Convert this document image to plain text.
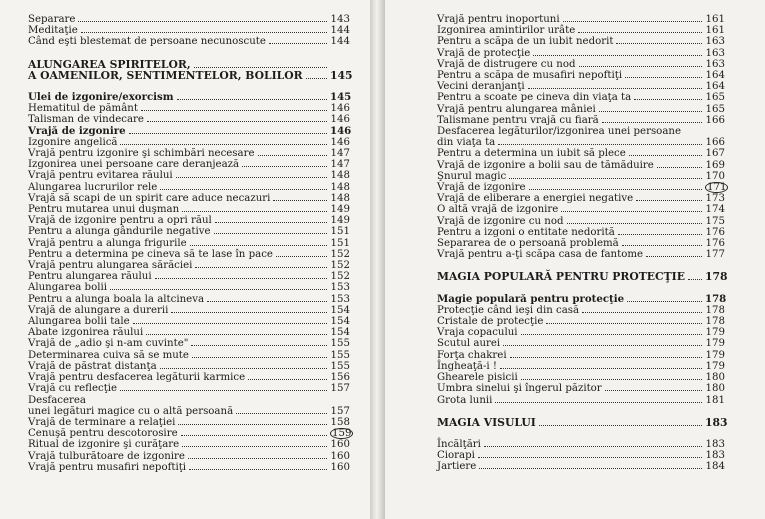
Separare	143
Meditaţie	144
Când eşti blestemat de persoane necunoscute	144
ALUNGAREA SPIRITELOR,
A OAMENILOR, SENTIMENTELOR, BOLILOR	145
Ulei de izgonire/exorcism	145
Hematitul de pământ	146
Talisman de vindecare	146
Vrajă de izgonire	146
Izgonire angelică	146
Vrajă pentru izgonire şi schimbări necesare	147
Izgonirea unei persoane care deranjează	147
Vrajă pentru evitarea răului	148
Alungarea lucrurilor rele	148
Vrajă să scapi de un spirit care aduce necazuri	148
Pentru mutarea unui duşman	149
Vrajă de izgonire pentru a opri răul	149
Pentru a alunga gândurile negative	151
Vrajă pentru a alunga frigurile	151
Pentru a determina pe cineva să te lase în pace	152
Vrajă pentru alungarea sărăciei	152
Pentru alungarea răului	152
Alungarea bolii	153
Pentru a alunga boala la altcineva	153
Vrajă de alungare a durerii	154
Alungarea bolii tale	154
Abate izgonirea răului	154
Vrajă de „adio şi n-am cuvinte"	155
Determinarea cuiva să se mute	155
Vrajă de păstrat distanţa	155
Vrajă pentru desfacerea legăturii karmice	156
Vrajă cu reflecţie	157
Desfacerea
unei legături magice cu o altă persoană	157
Vrajă de terminare a relaţiei	158
Cenuşă pentru descotorosire	159
Ritual de izgonire şi curăţare	160
Vrajă tulburătoare de izgonire	160
Vrajă pentru musafiri nepoftiţi	160
Vrajă pentru inoportuni	161
Izgonirea amintirilor urâte	161
Pentru a scăpa de un iubit nedorit	163
Vrajă de protecţie	163
Vrajă de distrugere cu nod	163
Pentru a scăpa de musafiri nepoftiţi	164
Vecini deranjanţi	164
Pentru a scoate pe cineva din viaţa ta	165
Vrajă pentru alungarea mâniei	165
Talismane pentru vrajă cu fiară	166
Desfacerea legăturilor/izgonirea unei persoane
din viaţa ta	166
Pentru a determina un iubit să plece	167
Vrajă de izgonire a bolii sau de tămăduire	169
Şnurul magic	170
Vrajă de izgonire	171
Vrajă de eliberare a energiei negative	173
O altă vrajă de izgonire	174
Vrajă de izgonire cu nod	175
Pentru a izgoni o entitate nedorită	176
Separarea de o persoană problemă	176
Vrajă pentru a-ţi scăpa casa de fantome	177
MAGIA POPULARĂ PENTRU PROTECŢIE 178
Magie populară pentru protecţie	178
Protecţie când ieşi din casă	178
Cristale de protecţie	178
Vraja copacului	179
Scutul aurei	179
Forţa chakrei	179
Îngheaţă-i !	179
Ghearele pisicii	180
Umbra sinelui şi îngerul păzitor	180
Grota lunii	181
MAGIA VISULUI	183
Încălţări	183
Ciorapi	183
Jartiere	184
